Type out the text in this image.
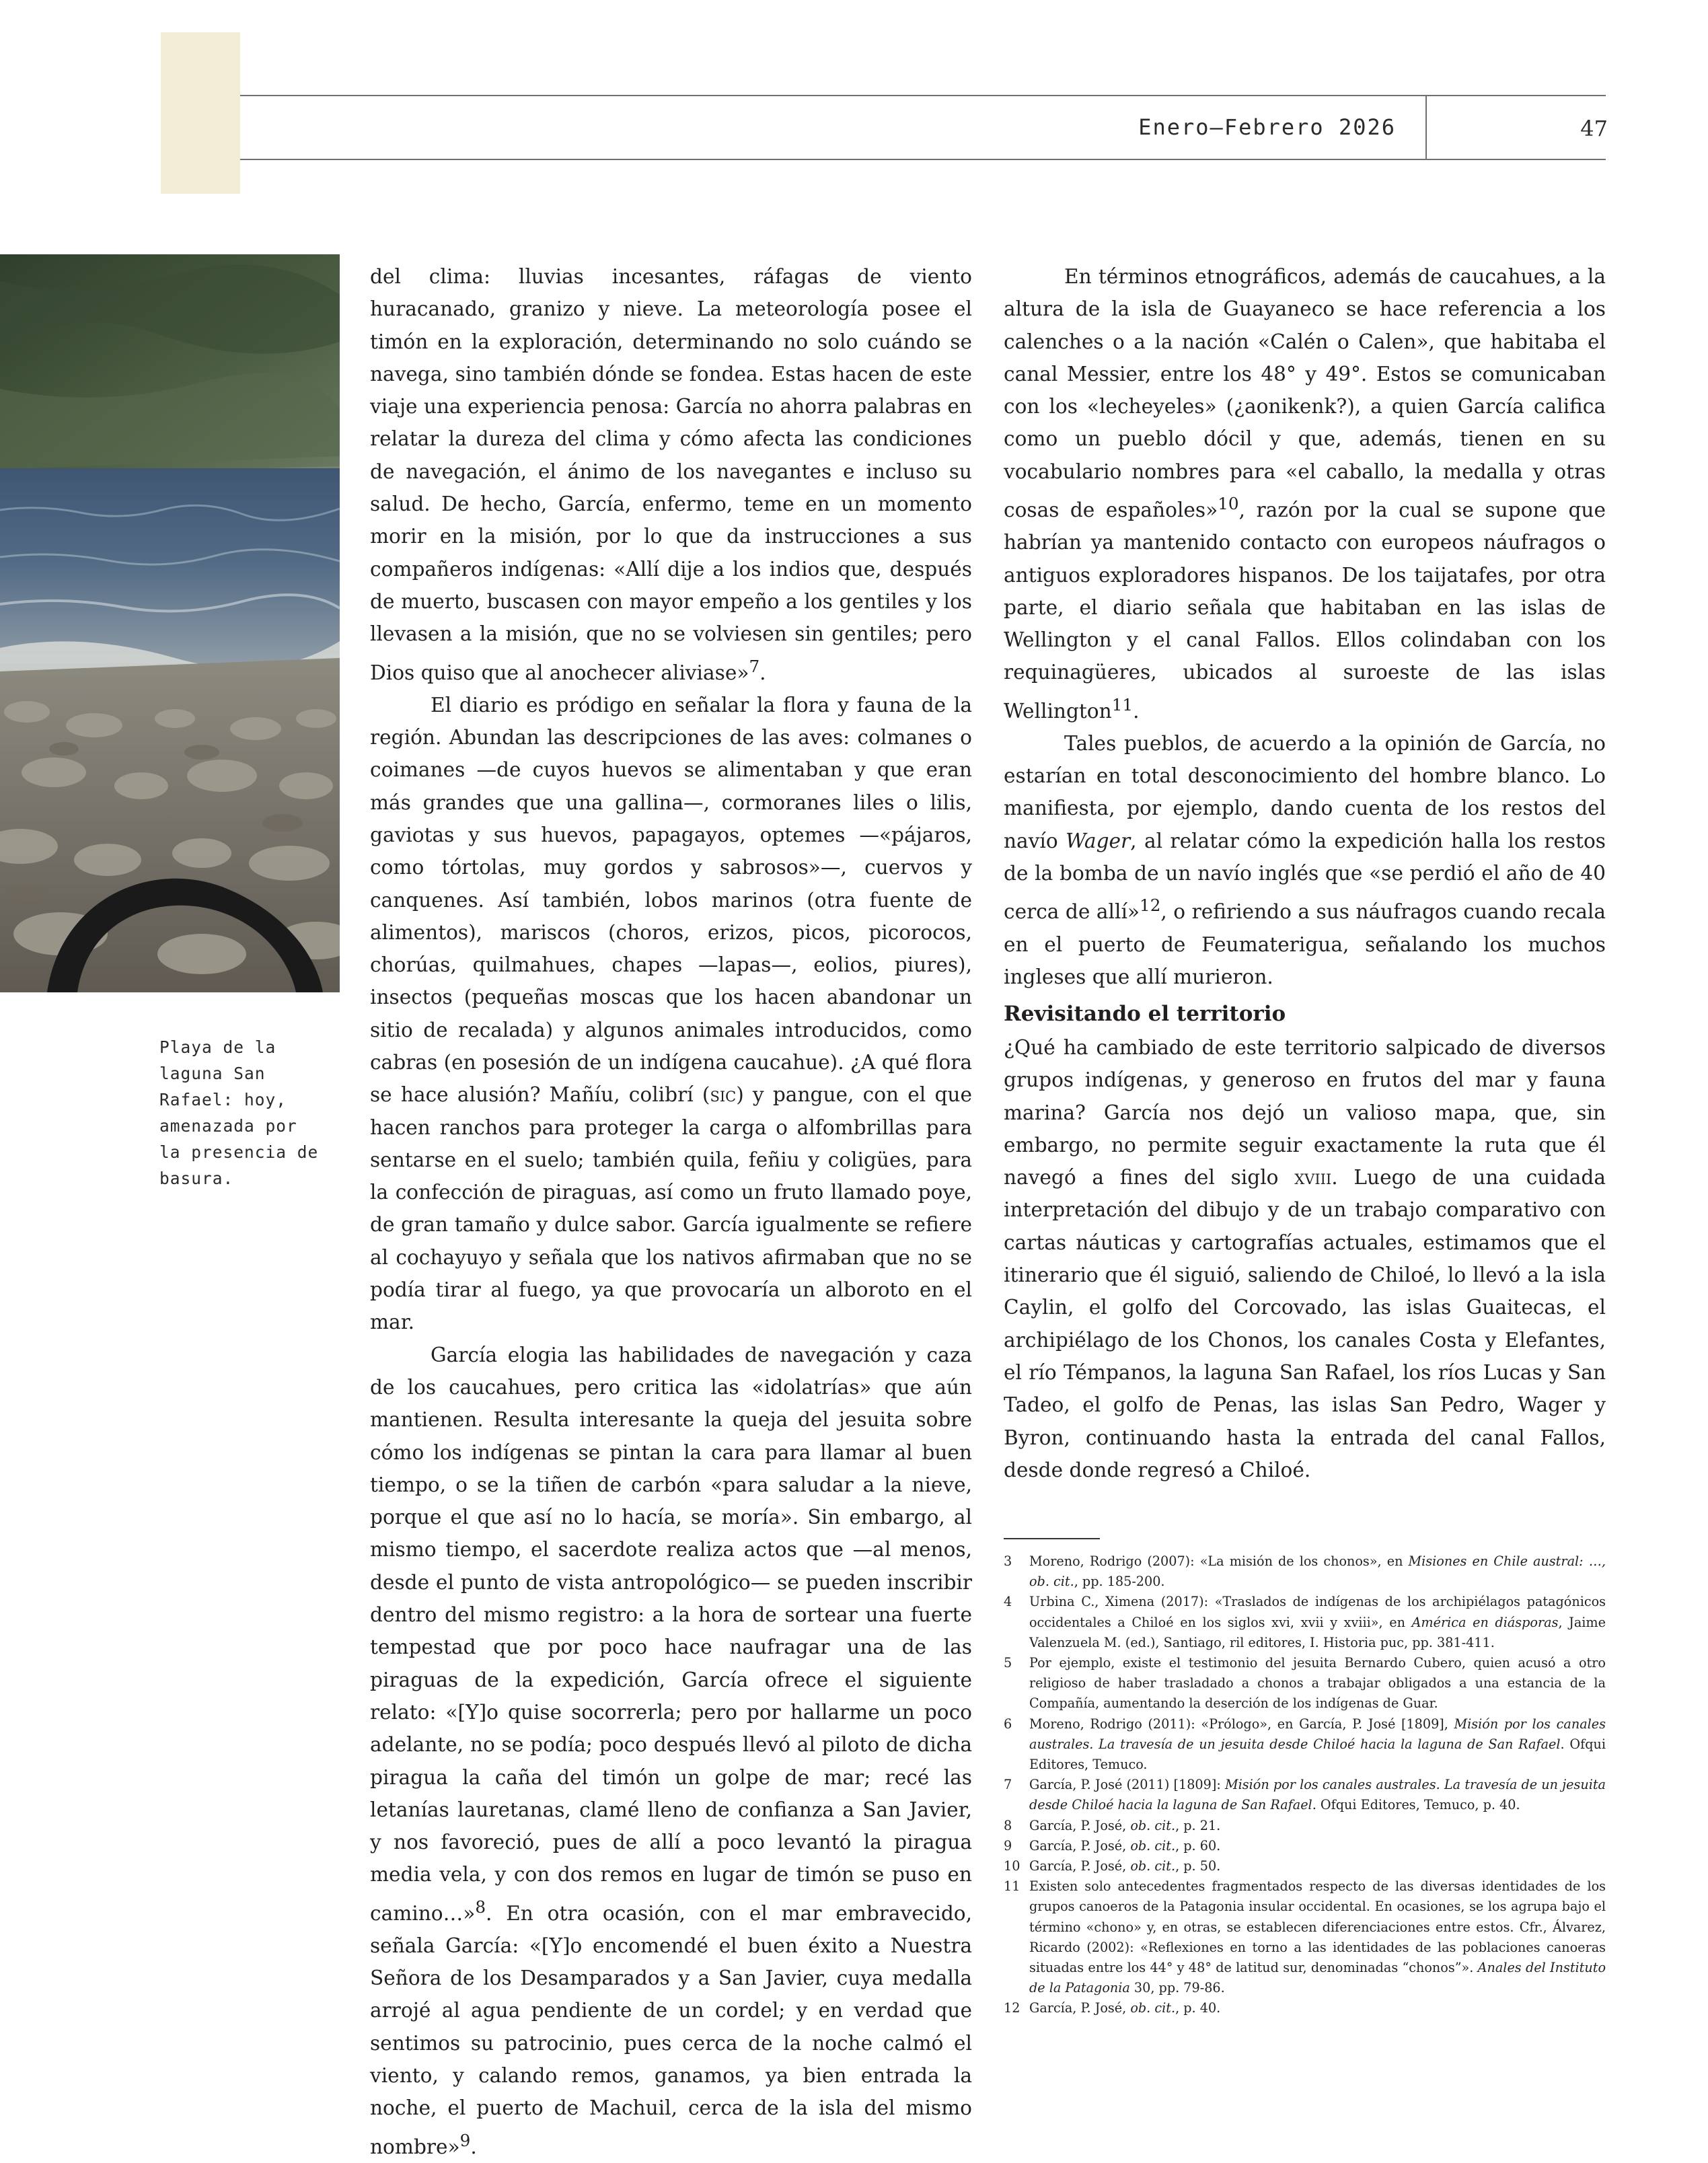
Enero–Febrero 2026	47
Playa de la laguna San Rafael: hoy, amenazada por la presencia de basura.

del clima: lluvias incesantes, ráfagas de viento huracanado, granizo y nieve. La meteorología posee el timón en la exploración, determinando no solo cuándo se navega, sino también dónde se fondea. Estas hacen de este viaje una experiencia penosa: García no ahorra palabras en relatar la dureza del clima y cómo afecta las condiciones de navegación, el ánimo de los navegantes e incluso su salud. De hecho, García, enfermo, teme en un momento morir en la misión, por lo que da instrucciones a sus compañeros indígenas: «Allí dije a los indios que, después de muerto, buscasen con mayor empeño a los gentiles y los llevasen a la misión, que no se volviesen sin gentiles; pero Dios quiso que al anochecer aliviase»$^7$.

El diario es pródigo en señalar la flora y fauna de la región. Abundan las descripciones de las aves: colmanes o coimanes —de cuyos huevos se alimentaban y que eran más grandes que una gallina—, cormoranes liles o lilis, gaviotas y sus huevos, papagayos, optemes —«pájaros, como tórtolas, muy gordos y sabrosos»—, cuervos y canquenes. Así también, lobos marinos (otra fuente de alimentos), mariscos (choros, erizos, picos, picorocos, chorúas, quilmahues, chapes —lapas—, eolios, piures), insectos (pequeñas moscas que los hacen abandonar un sitio de recalada) y algunos animales introducidos, como cabras (en posesión de un indígena caucahue). ¿A qué flora se hace alusión? Mañíu, colibrí (sic) y pangue, con el que hacen ranchos para proteger la carga o alfombrillas para sentarse en el suelo; también quila, feñiu y coligües, para la confección de piraguas, así como un fruto llamado poye, de gran tamaño y dulce sabor. García igualmente se refiere al cochayuyo y señala que los nativos afirmaban que no se podía tirar al fuego, ya que provocaría un alboroto en el mar.

García elogia las habilidades de navegación y caza de los caucahues, pero critica las «idolatrías» que aún mantienen. Resulta interesante la queja del jesuita sobre cómo los indígenas se pintan la cara para llamar al buen tiempo, o se la tiñen de carbón «para saludar a la nieve, porque el que así no lo hacía, se moría». Sin embargo, al mismo tiempo, el sacerdote realiza actos que —al menos, desde el punto de vista antropológico— se pueden inscribir dentro del mismo registro: a la hora de sortear una fuerte tempestad que por poco hace naufragar una de las piraguas de la expedición, García ofrece el siguiente relato: «[Y]o quise socorrerla; pero por hallarme un poco adelante, no se podía; poco después llevó al piloto de dicha piragua la caña del timón un golpe de mar; recé las letanías lauretanas, clamé lleno de confianza a San Javier, y nos favoreció, pues de allí a poco levantó la piragua media vela, y con dos remos en lugar de timón se puso en camino…»$^8$. En otra ocasión, con el mar embravecido, señala García: «[Y]o encomendé el buen éxito a Nuestra Señora de los Desamparados y a San Javier, cuya medalla arrojé al agua pendiente de un cordel; y en verdad que sentimos su patrocinio, pues cerca de la noche calmó el viento, y calando remos, ganamos, ya bien entrada la noche, el puerto de Machuil, cerca de la isla del mismo nombre»$^9$.

En términos etnográficos, además de caucahues, a la altura de la isla de Guayaneco se hace referencia a los calenches o a la nación «Calén o Calen», que habitaba el canal Messier, entre los 48° y 49°. Estos se comunicaban con los «lecheyeles» (¿aonikenk?), a quien García califica como un pueblo dócil y que, además, tienen en su vocabulario nombres para «el caballo, la medalla y otras cosas de españoles»$^{10}$, razón por la cual se supone que habrían ya mantenido contacto con europeos náufragos o antiguos exploradores hispanos. De los taijatafes, por otra parte, el diario señala que habitaban en las islas de Wellington y el canal Fallos. Ellos colindaban con los requinagüeres, ubicados al suroeste de las islas Wellington$^{11}$.

Tales pueblos, de acuerdo a la opinión de García, no estarían en total desconocimiento del hombre blanco. Lo manifiesta, por ejemplo, dando cuenta de los restos del navío Wager, al relatar cómo la expedición halla los restos de la bomba de un navío inglés que «se perdió el año de 40 cerca de allí»$^{12}$, o refiriendo a sus náufragos cuando recala en el puerto de Feumaterigua, señalando los muchos ingleses que allí murieron.

Revisitando el territorio

¿Qué ha cambiado de este territorio salpicado de diversos grupos indígenas, y generoso en frutos del mar y fauna marina? García nos dejó un valioso mapa, que, sin embargo, no permite seguir exactamente la ruta que él navegó a fines del siglo xviii. Luego de una cuidada interpretación del dibujo y de un trabajo comparativo con cartas náuticas y cartografías actuales, estimamos que el itinerario que él siguió, saliendo de Chiloé, lo llevó a la isla Caylin, el golfo del Corcovado, las islas Guaitecas, el archipiélago de los Chonos, los canales Costa y Elefantes, el río Témpanos, la laguna San Rafael, los ríos Lucas y San Tadeo, el golfo de Penas, las islas San Pedro, Wager y Byron, continuando hasta la entrada del canal Fallos, desde donde regresó a Chiloé.

3	Moreno, Rodrigo (2007): «La misión de los chonos», en Misiones en Chile austral: …, ob. cit., pp. 185-200.
4	Urbina C., Ximena (2017): «Traslados de indígenas de los archipiélagos patagónicos occidentales a Chiloé en los siglos xvi, xvii y xviii», en América en diásporas, Jaime Valenzuela M. (ed.), Santiago, ril editores, I. Historia puc, pp. 381-411.
5	Por ejemplo, existe el testimonio del jesuita Bernardo Cubero, quien acusó a otro religioso de haber trasladado a chonos a trabajar obligados a una estancia de la Compañía, aumentando la deserción de los indígenas de Guar.
6	Moreno, Rodrigo (2011): «Prólogo», en García, P. José [1809], Misión por los canales australes. La travesía de un jesuita desde Chiloé hacia la laguna de San Rafael. Ofqui Editores, Temuco.
7	García, P. José (2011) [1809]: Misión por los canales australes. La travesía de un jesuita desde Chiloé hacia la laguna de San Rafael. Ofqui Editores, Temuco, p. 40.
8	García, P. José, ob. cit., p. 21.
9	García, P. José, ob. cit., p. 60.
10 García, P. José, ob. cit., p. 50.
11 Existen solo antecedentes fragmentados respecto de las diversas identidades de los grupos canoeros de la Patagonia insular occidental. En ocasiones, se los agrupa bajo el término «chono» y, en otras, se establecen diferenciaciones entre estos. Cfr., Álvarez, Ricardo (2002): «Reflexiones en torno a las identidades de las poblaciones canoeras situadas entre los 44° y 48° de latitud sur, denominadas “chonos”». Anales del Instituto de la Patagonia 30, pp. 79-86.
12 García, P. José, ob. cit., p. 40.
